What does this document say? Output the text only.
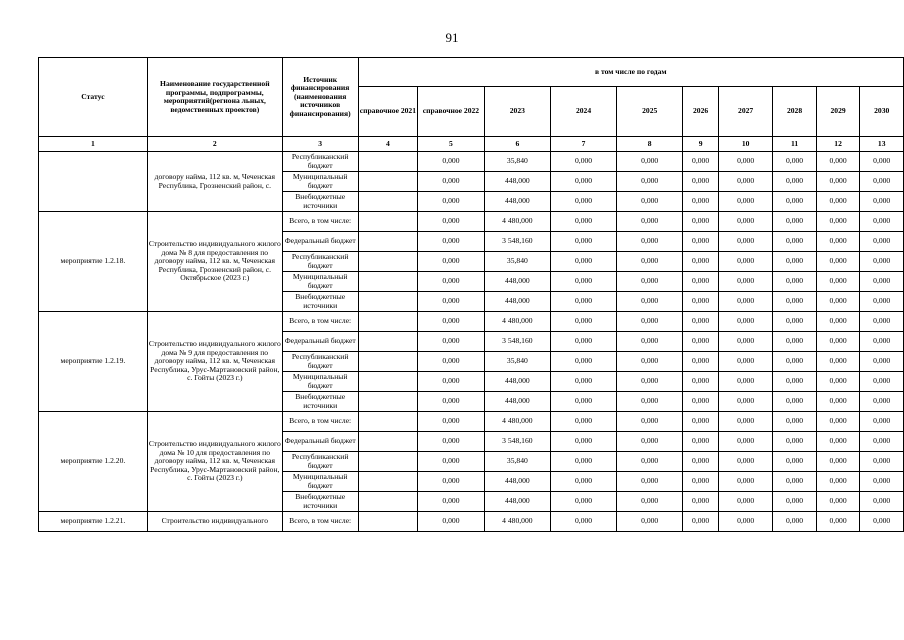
91
Статус	Наименование государственной программы, подпрограммы, мероприятий(региона льных, ведомственных проектов)	Источник финансирования (наименования источников финансирования)	в том числе по годам									
			справочное 2021	справочное 2022	2023	2024	2025	2026	2027	2028	2029	2030
1	2	3	4	5	6	7	8	9	10	11	12	13
	договору найма, 112 кв. м, Чеченская Республика, Грозненский район, с.	Республиканский бюджет		0,000	35,840	0,000	0,000	0,000	0,000	0,000	0,000	0,000
		Муниципальный бюджет		0,000	448,000	0,000	0,000	0,000	0,000	0,000	0,000	0,000
		Внебюджетные источники		0,000	448,000	0,000	0,000	0,000	0,000	0,000	0,000	0,000
мероприятие 1.2.18.	Строительство индивидуального жилого дома № 8 для предоставления по договору найма, 112 кв. м, Чеченская Республика, Грозненский район, с. Октябрьское (2023 г.)	Всего, в том числе:		0,000	4 480,000	0,000	0,000	0,000	0,000	0,000	0,000	0,000
		Федеральный бюджет		0,000	3 548,160	0,000	0,000	0,000	0,000	0,000	0,000	0,000
		Республиканский бюджет		0,000	35,840	0,000	0,000	0,000	0,000	0,000	0,000	0,000
		Муниципальный бюджет		0,000	448,000	0,000	0,000	0,000	0,000	0,000	0,000	0,000
		Внебюджетные источники		0,000	448,000	0,000	0,000	0,000	0,000	0,000	0,000	0,000
мероприятие 1.2.19.	Строительство индивидуального жилого дома № 9 для предоставления по договору найма, 112 кв. м, Чеченская Республика, Урус-Мартановский район, с. Гойты (2023 г.)	Всего, в том числе:		0,000	4 480,000	0,000	0,000	0,000	0,000	0,000	0,000	0,000
		Федеральный бюджет		0,000	3 548,160	0,000	0,000	0,000	0,000	0,000	0,000	0,000
		Республиканский бюджет		0,000	35,840	0,000	0,000	0,000	0,000	0,000	0,000	0,000
		Муниципальный бюджет		0,000	448,000	0,000	0,000	0,000	0,000	0,000	0,000	0,000
		Внебюджетные источники		0,000	448,000	0,000	0,000	0,000	0,000	0,000	0,000	0,000
мероприятие 1.2.20.	Строительство индивидуального жилого дома № 10 для предоставления по договору найма, 112 кв. м, Чеченская Республика, Урус-Мартановский район, с. Гойты (2023 г.)	Всего, в том числе:		0,000	4 480,000	0,000	0,000	0,000	0,000	0,000	0,000	0,000
		Федеральный бюджет		0,000	3 548,160	0,000	0,000	0,000	0,000	0,000	0,000	0,000
		Республиканский бюджет		0,000	35,840	0,000	0,000	0,000	0,000	0,000	0,000	0,000
		Муниципальный бюджет		0,000	448,000	0,000	0,000	0,000	0,000	0,000	0,000	0,000
		Внебюджетные источники		0,000	448,000	0,000	0,000	0,000	0,000	0,000	0,000	0,000
мероприятие 1.2.21.	Строительство индивидуального	Всего, в том числе:		0,000	4 480,000	0,000	0,000	0,000	0,000	0,000	0,000	0,000
